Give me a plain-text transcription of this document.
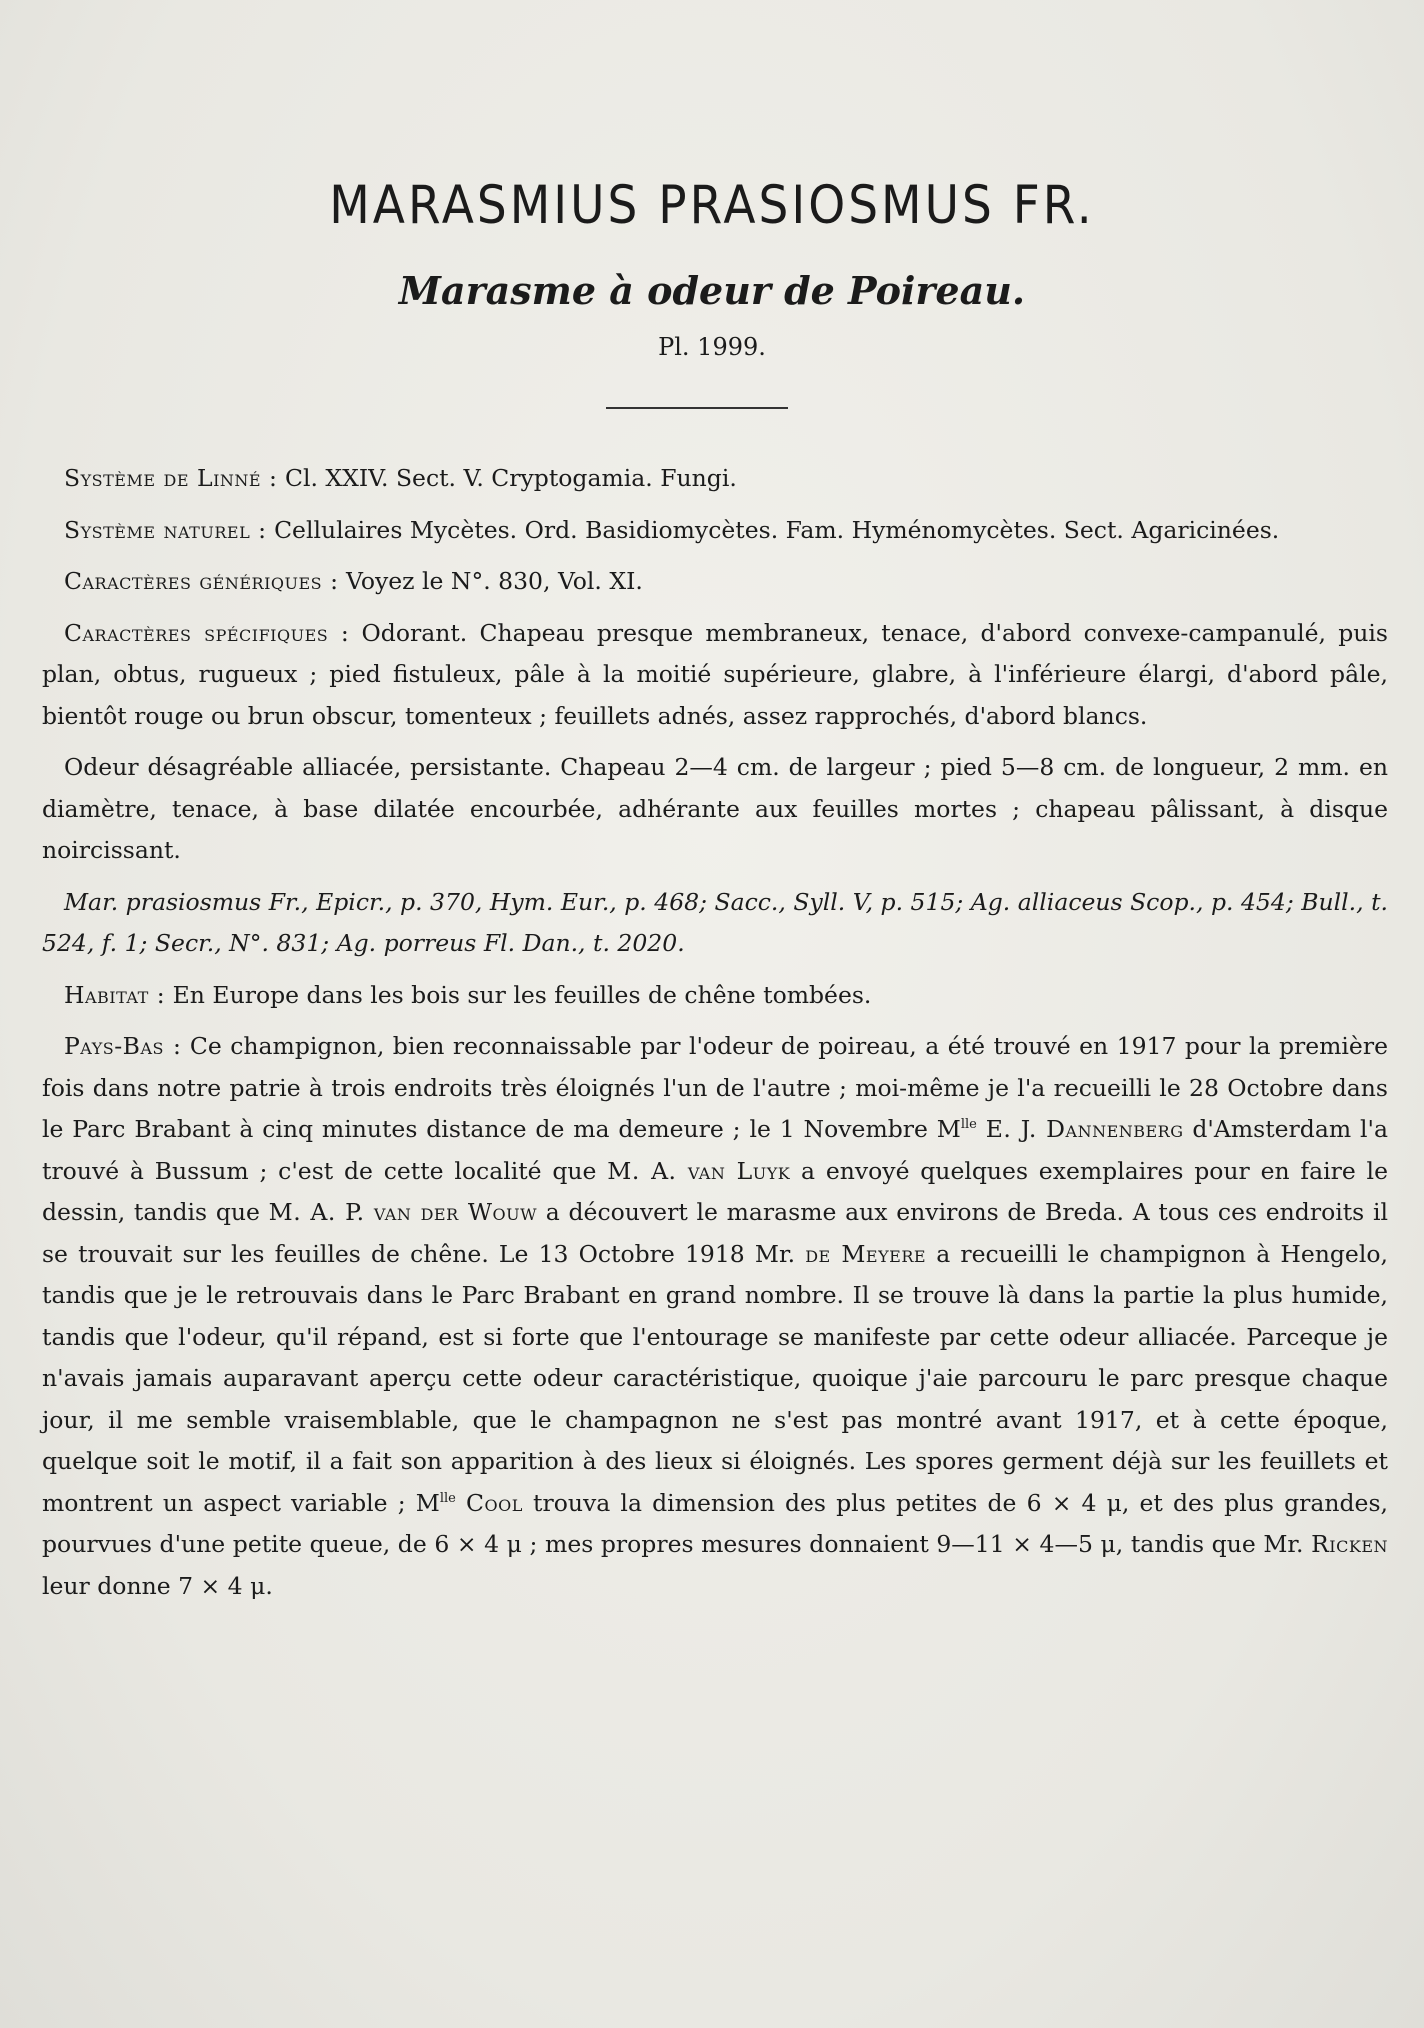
MARASMIUS PRASIOSMUS FR.
Marasme à odeur de Poireau.
Pl. 1999.

Système de Linné : Cl. XXIV. Sect. V. Cryptogamia. Fungi.

Système naturel : Cellulaires Mycètes. Ord. Basidiomycètes. Fam. Hyménomycètes. Sect. Agaricinées.

Caractères génériques : Voyez le N°. 830, Vol. XI.

Caractères spécifiques : Odorant. Chapeau presque membraneux, tenace, d'abord convexe-campanulé, puis plan, obtus, rugueux ; pied fistuleux, pâle à la moitié supérieure, glabre, à l'inférieure élargi, d'abord pâle, bientôt rouge ou brun obscur, tomenteux ; feuillets adnés, assez rapprochés, d'abord blancs.

Odeur désagréable alliacée, persistante. Chapeau 2—4 cm. de largeur ; pied 5—8 cm. de longueur, 2 mm. en diamètre, tenace, à base dilatée encourbée, adhérante aux feuilles mortes ; chapeau pâlissant, à disque noircissant.

Mar. prasiosmus Fr., Epicr., p. 370, Hym. Eur., p. 468; Sacc., Syll. V, p. 515; Ag. alliaceus Scop., p. 454; Bull., t. 524, f. 1; Secr., N°. 831; Ag. porreus Fl. Dan., t. 2020.

Habitat : En Europe dans les bois sur les feuilles de chêne tombées.

Pays-Bas : Ce champignon, bien reconnaissable par l'odeur de poireau, a été trouvé en 1917 pour la première fois dans notre patrie à trois endroits très éloignés l'un de l'autre ; moi-même je l'a recueilli le 28 Octobre dans le Parc Brabant à cinq minutes distance de ma demeure ; le 1 Novembre $M^{lle}$ E. J. Dannenberg d'Amsterdam l'a trouvé à Bussum ; c'est de cette localité que M. A. van Luyk a envoyé quelques exemplaires pour en faire le dessin, tandis que M. A. P. van der Wouw a découvert le marasme aux environs de Breda. A tous ces endroits il se trouvait sur les feuilles de chêne. Le 13 Octobre 1918 Mr. de Meyere a recueilli le champignon à Hengelo, tandis que je le retrouvais dans le Parc Brabant en grand nombre. Il se trouve là dans la partie la plus humide, tandis que l'odeur, qu'il répand, est si forte que l'entourage se manifeste par cette odeur alliacée. Parceque je n'avais jamais auparavant aperçu cette odeur caractéristique, quoique j'aie parcouru le parc presque chaque jour, il me semble vraisemblable, que le champagnon ne s'est pas montré avant 1917, et à cette époque, quelque soit le motif, il a fait son apparition à des lieux si éloignés. Les spores germent déjà sur les feuillets et montrent un aspect variable ; $M^{lle}$ Cool trouva la dimension des plus petites de 6 × 4 μ, et des plus grandes, pourvues d'une petite queue, de 6 × 4 μ ; mes propres mesures donnaient 9—11 × 4—5 μ, tandis que Mr. Ricken leur donne 7 × 4 μ.
